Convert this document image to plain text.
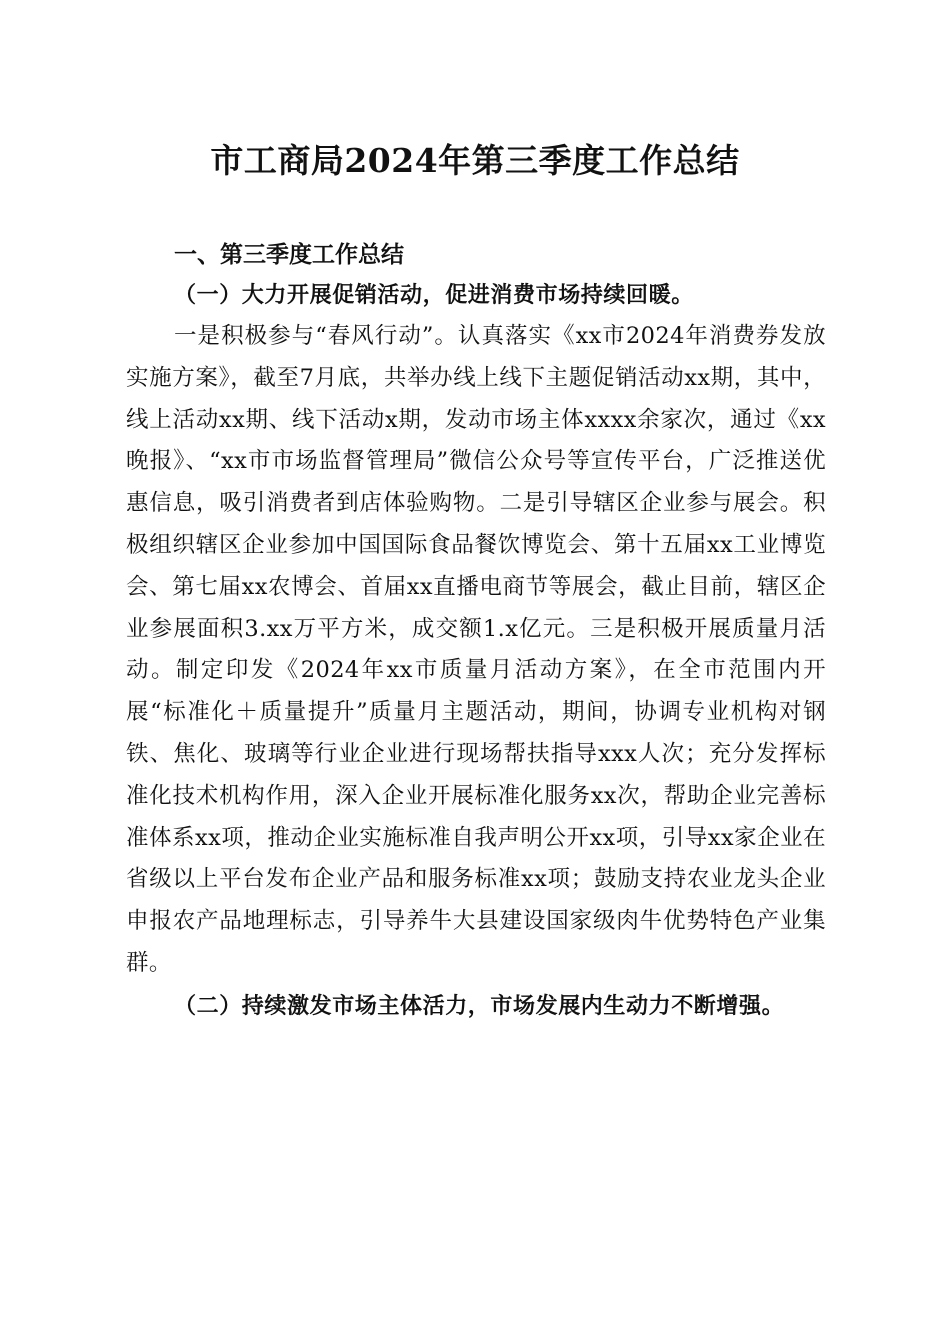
市工商局2024年第三季度工作总结

一、第三季度工作总结

（一）大力开展促销活动，促进消费市场持续回暖。

一是积极参与“春风行动”。认真落实《xx市2024年消费券发放实施方案》，截至7月底，共举办线上线下主题促销活动xx期，其中，线上活动xx期、线下活动x期，发动市场主体xxxx余家次，通过《xx晚报》、“xx市市场监督管理局”微信公众号等宣传平台，广泛推送优惠信息，吸引消费者到店体验购物。二是引导辖区企业参与展会。积极组织辖区企业参加中国国际食品餐饮博览会、第十五届xx工业博览会、第七届xx农博会、首届xx直播电商节等展会，截止目前，辖区企业参展面积3.xx万平方米，成交额1.x亿元。三是积极开展质量月活动。制定印发《2024年xx市质量月活动方案》，在全市范围内开展“标准化＋质量提升”质量月主题活动，期间，协调专业机构对钢铁、焦化、玻璃等行业企业进行现场帮扶指导xxx人次；充分发挥标准化技术机构作用，深入企业开展标准化服务xx次，帮助企业完善标准体系xx项，推动企业实施标准自我声明公开xx项，引导xx家企业在省级以上平台发布企业产品和服务标准xx项；鼓励支持农业龙头企业申报农产品地理标志，引导养牛大县建设国家级肉牛优势特色产业集群。

（二）持续激发市场主体活力，市场发展内生动力不断增强。
